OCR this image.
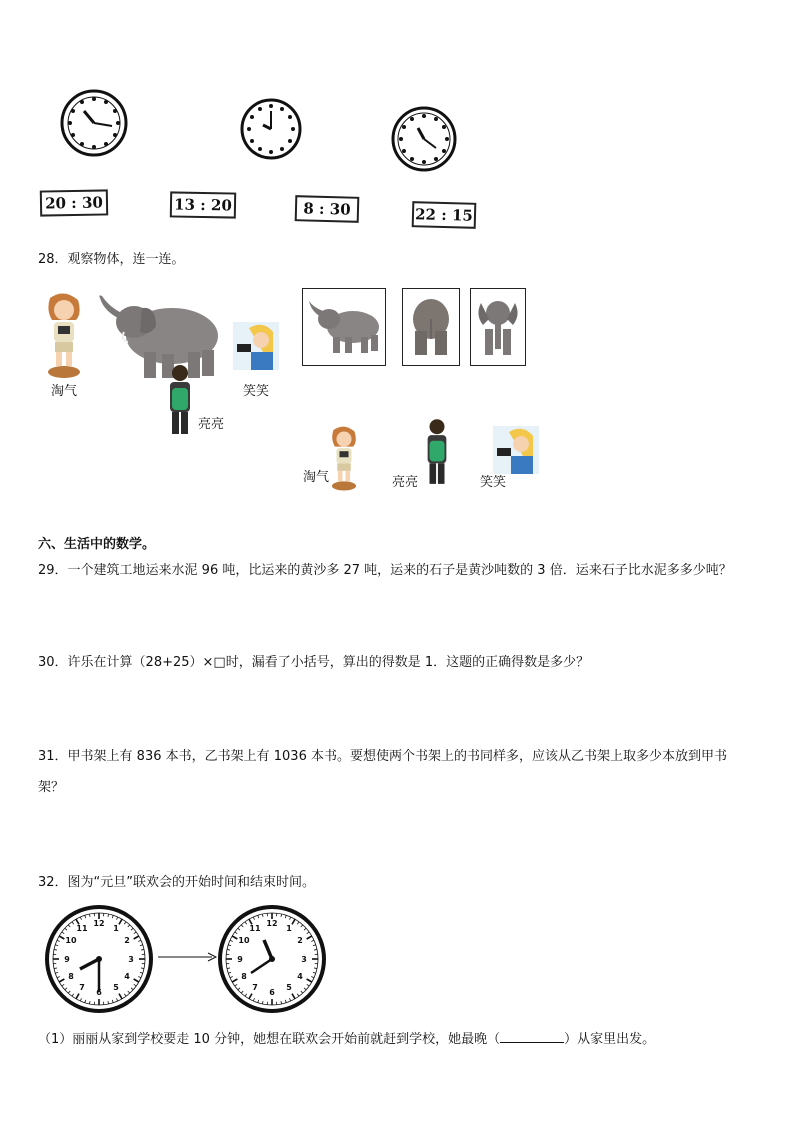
20 : 30	13 : 20	8 : 30	22 : 15
28．观察物体，连一连。
淘气
亮亮
笑笑
淘气	亮亮	笑笑
六、生活中的数学。
29．一个建筑工地运来水泥 96 吨，比运来的黄沙多 27 吨，运来的石子是黄沙吨数的 3 倍．运来石子比水泥多多少吨？
30．许乐在计算（28+25）×□时，漏看了小括号，算出的得数是 1．这题的正确得数是多少？
31．甲书架上有 836 本书，乙书架上有 1036 本书。要想使两个书架上的书同样多，应该从乙书架上取多少本放到甲书
架？
32．图为“元旦”联欢会的开始时间和结束时间。
12
1
2
3
4
5
6
7
8
9
10
11
12
1
2
3
4
5
6
7
8
9
10
11
（1）丽丽从家到学校要走 10 分钟，她想在联欢会开始前就赶到学校，她最晚（	）从家里出发。
